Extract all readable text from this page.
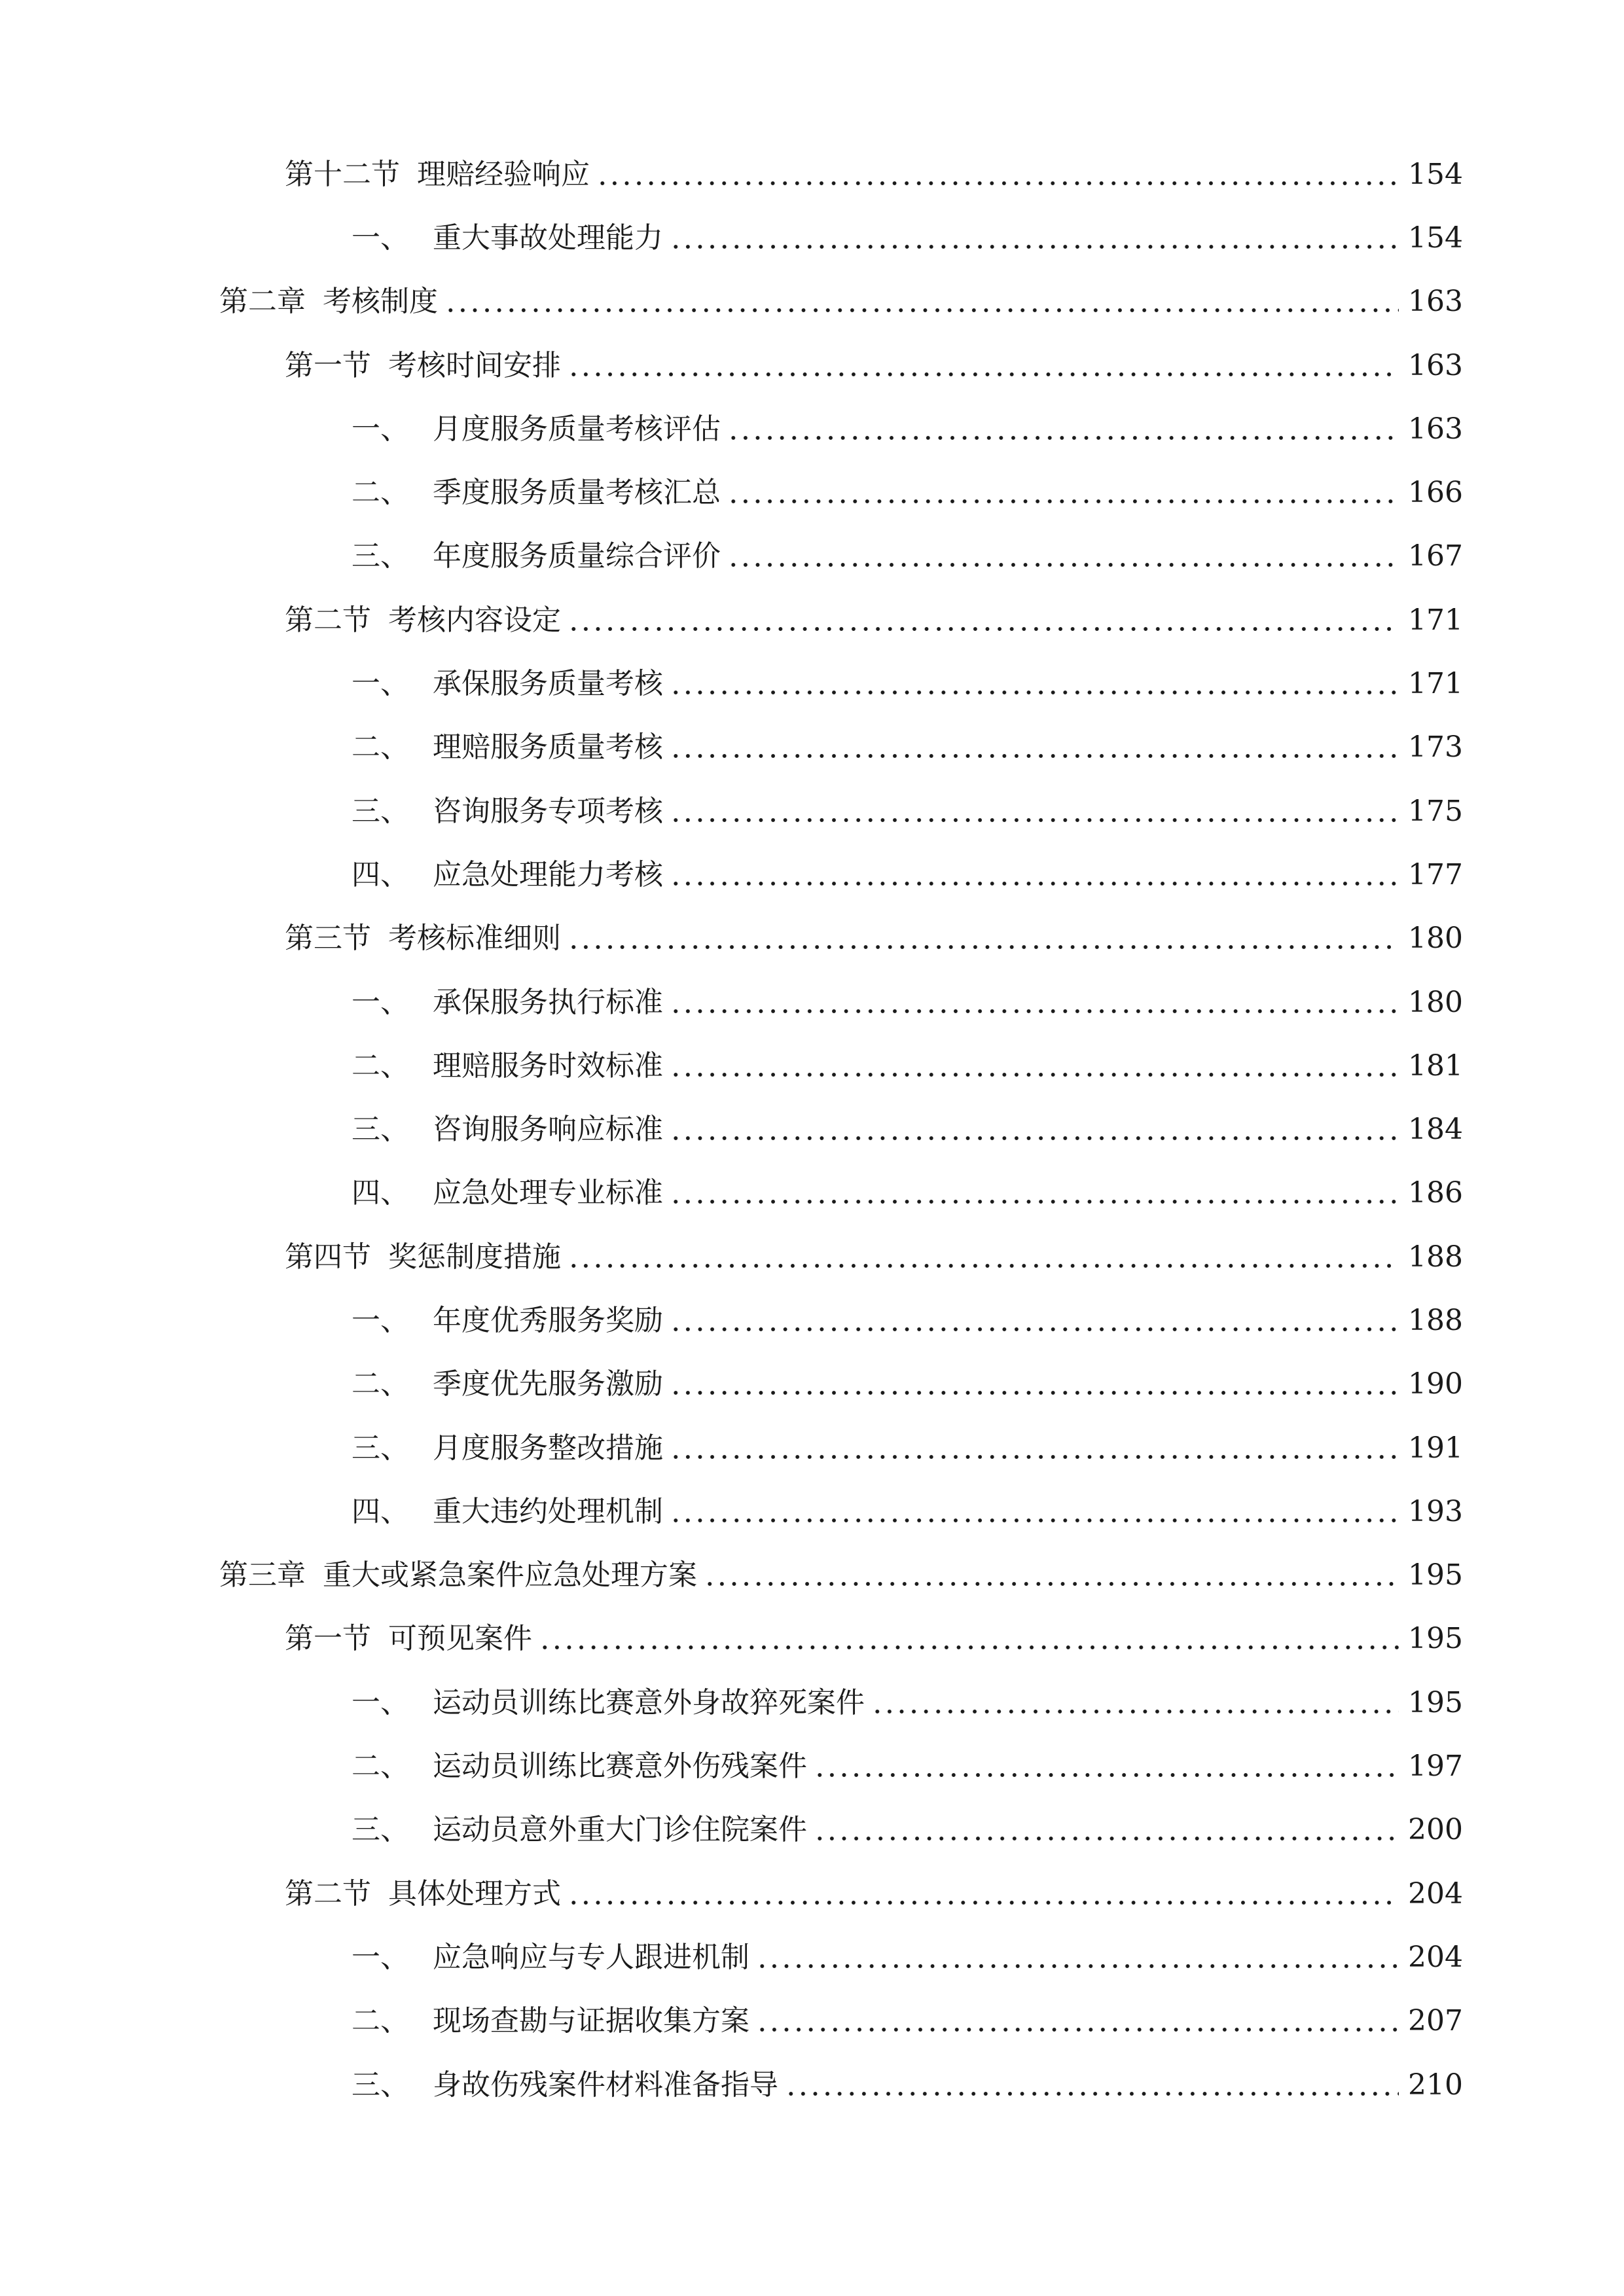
第十二节 理赔经验响应	154
一、 重大事故处理能力	154
第二章 考核制度	163
第一节 考核时间安排	163
一、 月度服务质量考核评估	163
二、 季度服务质量考核汇总	166
三、 年度服务质量综合评价	167
第二节 考核内容设定	171
一、 承保服务质量考核	171
二、 理赔服务质量考核	173
三、 咨询服务专项考核	175
四、 应急处理能力考核	177
第三节 考核标准细则	180
一、 承保服务执行标准	180
二、 理赔服务时效标准	181
三、 咨询服务响应标准	184
四、 应急处理专业标准	186
第四节 奖惩制度措施	188
一、 年度优秀服务奖励	188
二、 季度优先服务激励	190
三、 月度服务整改措施	191
四、 重大违约处理机制	193
第三章 重大或紧急案件应急处理方案	195
第一节 可预见案件	195
一、 运动员训练比赛意外身故猝死案件	195
二、 运动员训练比赛意外伤残案件	197
三、 运动员意外重大门诊住院案件	200
第二节 具体处理方式	204
一、 应急响应与专人跟进机制	204
二、 现场查勘与证据收集方案	207
三、 身故伤残案件材料准备指导	210
